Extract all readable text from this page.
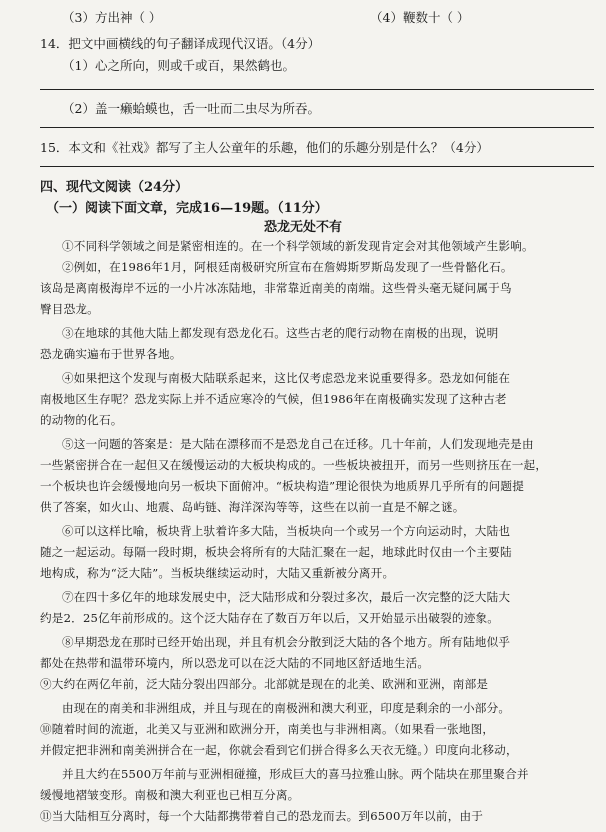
（3）方出神（ ）	（4）鞭数十（ ）
14．把文中画横线的句子翻译成现代汉语。（4分）
（1）心之所向，则或千或百，果然鹤也。
（2）盖一癞蛤蟆也，舌一吐而二虫尽为所吞。
15．本文和《社戏》都写了主人公童年的乐趣，他们的乐趣分别是什么？（4分）
四、现代文阅读（24分）
（一）阅读下面文章，完成16—19题。（11分）
恐龙无处不有
①不同科学领域之间是紧密相连的。在一个科学领域的新发现肯定会对其他领域产生影响。
②例如，在1986年1月，阿根廷南极研究所宣布在詹姆斯罗斯岛发现了一些骨骼化石。
该岛是离南极海岸不远的一小片冰冻陆地，非常靠近南美的南端。这些骨头毫无疑问属于鸟
臀目恐龙。
③在地球的其他大陆上都发现有恐龙化石。这些古老的爬行动物在南极的出现，说明
恐龙确实遍布于世界各地。
④如果把这个发现与南极大陆联系起来，这比仅考虑恐龙来说重要得多。恐龙如何能在
南极地区生存呢？恐龙实际上并不适应寒冷的气候，但1986年在南极确实发现了这种古老
的动物的化石。
⑤这一问题的答案是：是大陆在漂移而不是恐龙自己在迁移。几十年前，人们发现地壳是由
一些紧密拼合在一起但又在缓慢运动的大板块构成的。一些板块被扭开，而另一些则挤压在一起，
一个板块也许会缓慢地向另一板块下面俯冲。“板块构造”理论很快为地质界几乎所有的问题提
供了答案，如火山、地震、岛屿链、海洋深沟等等，这些在以前一直是不解之谜。
⑥可以这样比喻，板块背上驮着许多大陆，当板块向一个或另一个方向运动时，大陆也
随之一起运动。每隔一段时期，板块会将所有的大陆汇聚在一起，地球此时仅由一个主要陆
地构成，称为“泛大陆”。当板块继续运动时，大陆又重新被分离开。
⑦在四十多亿年的地球发展史中，泛大陆形成和分裂过多次，最后一次完整的泛大陆大
约是2．25亿年前形成的。这个泛大陆存在了数百万年以后，又开始显示出破裂的迹象。
⑧早期恐龙在那时已经开始出现，并且有机会分散到泛大陆的各个地方。所有陆地似乎
都处在热带和温带环境内，所以恐龙可以在泛大陆的不同地区舒适地生活。
⑨大约在两亿年前，泛大陆分裂出四部分。北部就是现在的北美、欧洲和亚洲，南部是
由现在的南美和非洲组成，并且与现在的南极洲和澳大利亚，印度是剩余的一小部分。
⑩随着时间的流逝，北美又与亚洲和欧洲分开，南美也与非洲相离。（如果看一张地图，
并假定把非洲和南美洲拼合在一起，你就会看到它们拼合得多么天衣无缝。）印度向北移动，
并且大约在5500万年前与亚洲相碰撞，形成巨大的喜马拉雅山脉。两个陆块在那里聚合并
缓慢地褶皱变形。南极和澳大利亚也已相互分离。
⑪当大陆相互分离时，每一个大陆都携带着自己的恐龙而去。到6500万年以前，由于
